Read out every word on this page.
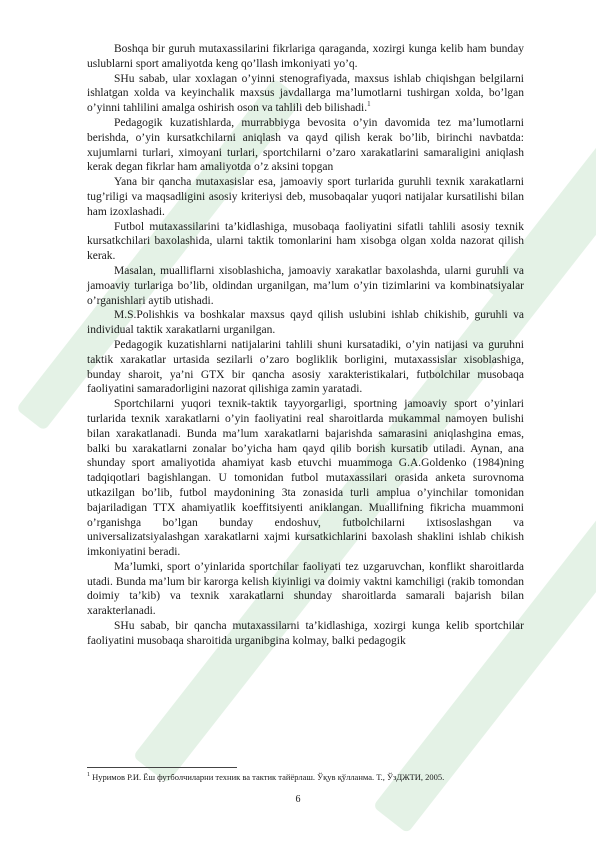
Boshqa bir guruh mutaxassilarini fikrlariga qaraganda, xozirgi kunga kelib ham bunday uslublarni sport amaliyotda keng qo’llash imkoniyati yo’q.

SHu sabab, ular xoxlagan o’yinni stenografiyada, maxsus ishlab chiqishgan belgilarni ishlatgan xolda va keyinchalik maxsus javdallarga ma’lumotlarni tushirgan xolda, bo’lgan o’yinni tahlilini amalga oshirish oson va tahlili deb bilishadi.$^1$

Pedagogik kuzatishlarda, murrabbiyga bevosita o’yin davomida tez ma’lumotlarni berishda, o’yin kursatkchilarni aniqlash va qayd qilish kerak bo’lib, birinchi navbatda: xujumlarni turlari, ximoyani turlari, sportchilarni o’zaro xarakatlarini samaraligini aniqlash kerak degan fikrlar ham amaliyotda o’z aksini topgan

Yana bir qancha mutaxasislar esa, jamoaviy sport turlarida guruhli texnik xarakatlarni tug’riligi va maqsadligini asosiy kriteriysi deb, musobaqalar yuqori natijalar kursatilishi bilan ham izoxlashadi.

Futbol mutaxassilarini ta’kidlashiga, musobaqa faoliyatini sifatli tahlili asosiy texnik kursatkchilari baxolashida, ularni taktik tomonlarini ham xisobga olgan xolda nazorat qilish kerak.

Masalan, mualliflarni xisoblashicha, jamoaviy xarakatlar baxolashda, ularni guruhli va jamoaviy turlariga bo’lib, oldindan urganilgan, ma’lum o’yin tizimlarini va kombinatsiyalar o’rganishlari aytib utishadi.

M.S.Polishkis va boshkalar maxsus qayd qilish uslubini ishlab chikishib, guruhli va individual taktik xarakatlarni urganilgan.

Pedagogik kuzatishlarni natijalarini tahlili shuni kursatadiki, o’yin natijasi va guruhni taktik xarakatlar urtasida sezilarli o’zaro bogliklik borligini, mutaxassislar xisoblashiga, bunday sharoit, ya’ni GTX bir qancha asosiy xarakteristikalari, futbolchilar musobaqa faoliyatini samaradorligini nazorat qilishiga zamin yaratadi.

Sportchilarni yuqori texnik-taktik tayyorgarligi, sportning jamoaviy sport o’yinlari turlarida texnik xarakatlarni o’yin faoliyatini real sharoitlarda mukammal namoyen bulishi bilan xarakatlanadi. Bunda ma’lum xarakatlarni bajarishda samarasini aniqlashgina emas, balki bu xarakatlarni zonalar bo’yicha ham qayd qilib borish kursatib utiladi. Aynan, ana shunday sport amaliyotida ahamiyat kasb etuvchi muammoga G.A.Goldenko (1984)ning tadqiqotlari bagishlangan. U tomonidan futbol mutaxassilari orasida anketa surovnoma utkazilgan bo’lib, futbol maydonining 3ta zonasida turli amplua o’yinchilar tomonidan bajariladigan TTX ahamiyatlik koeffitsiyenti aniklangan. Muallifning fikricha muammoni o’rganishga bo’lgan bunday endoshuv, futbolchilarni ixtisoslashgan va universalizatsiyalashgan xarakatlarni xajmi kursatkichlarini baxolash shaklini ishlab chikish imkoniyatini beradi.

Ma’lumki, sport o’yinlarida sportchilar faoliyati tez uzgaruvchan, konflikt sharoitlarda utadi. Bunda ma’lum bir karorga kelish kiyinligi va doimiy vaktni kamchiligi (rakib tomondan doimiy ta’kib) va texnik xarakatlarni shunday sharoitlarda samarali bajarish bilan xarakterlanadi.

SHu sabab, bir qancha mutaxassilarni ta’kidlashiga, xozirgi kunga kelib sportchilar faoliyatini musobaqa sharoitida urganibgina kolmay, balki pedagogik

$^1$ Нуримов Р.И. Ёш футболчиларни техник ва тактик тайёрлаш. Ўқув қўлланма. Т., ЎзДЖТИ, 2005.
6
